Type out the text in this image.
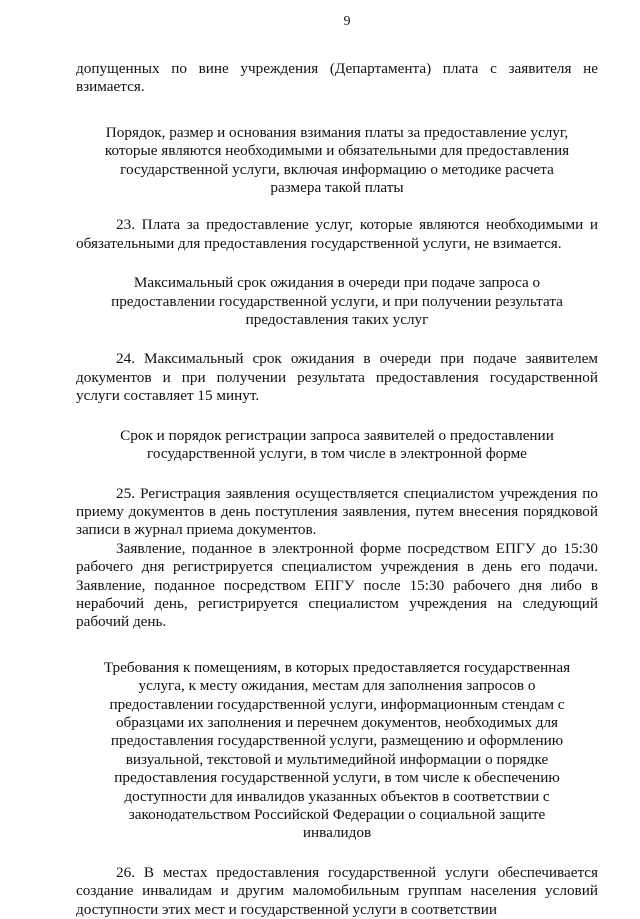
9

допущенных по вине учреждения (Департамента) плата с заявителя не взимается.

Порядок, размер и основания взимания платы за предоставление услуг, которые являются необходимыми и обязательными для предоставления государственной услуги, включая информацию о методике расчета размера такой платы

23. Плата за предоставление услуг, которые являются необходимыми и обязательными для предоставления государственной услуги, не взимается.

Максимальный срок ожидания в очереди при подаче запроса о предоставлении государственной услуги, и при получении результата предоставления таких услуг

24. Максимальный срок ожидания в очереди при подаче заявителем документов и при получении результата предоставления государственной услуги составляет 15 минут.

Срок и порядок регистрации запроса заявителей о предоставлении государственной услуги, в том числе в электронной форме

25. Регистрация заявления осуществляется специалистом учреждения по приему документов в день поступления заявления, путем внесения порядковой записи в журнал приема документов.

Заявление, поданное в электронной форме посредством ЕПГУ до 15:30 рабочего дня регистрируется специалистом учреждения в день его подачи. Заявление, поданное посредством ЕПГУ после 15:30 рабочего дня либо в нерабочий день, регистрируется специалистом учреждения на следующий рабочий день.

Требования к помещениям, в которых предоставляется государственная услуга, к месту ожидания, местам для заполнения запросов о предоставлении государственной услуги, информационным стендам с образцами их заполнения и перечнем документов, необходимых для предоставления государственной услуги, размещению и оформлению визуальной, текстовой и мультимедийной информации о порядке предоставления государственной услуги, в том числе к обеспечению доступности для инвалидов указанных объектов в соответствии с законодательством Российской Федерации о социальной защите инвалидов

26. В местах предоставления государственной услуги обеспечивается создание инвалидам и другим маломобильным группам населения условий доступности этих мест и государственной услуги в соответствии
